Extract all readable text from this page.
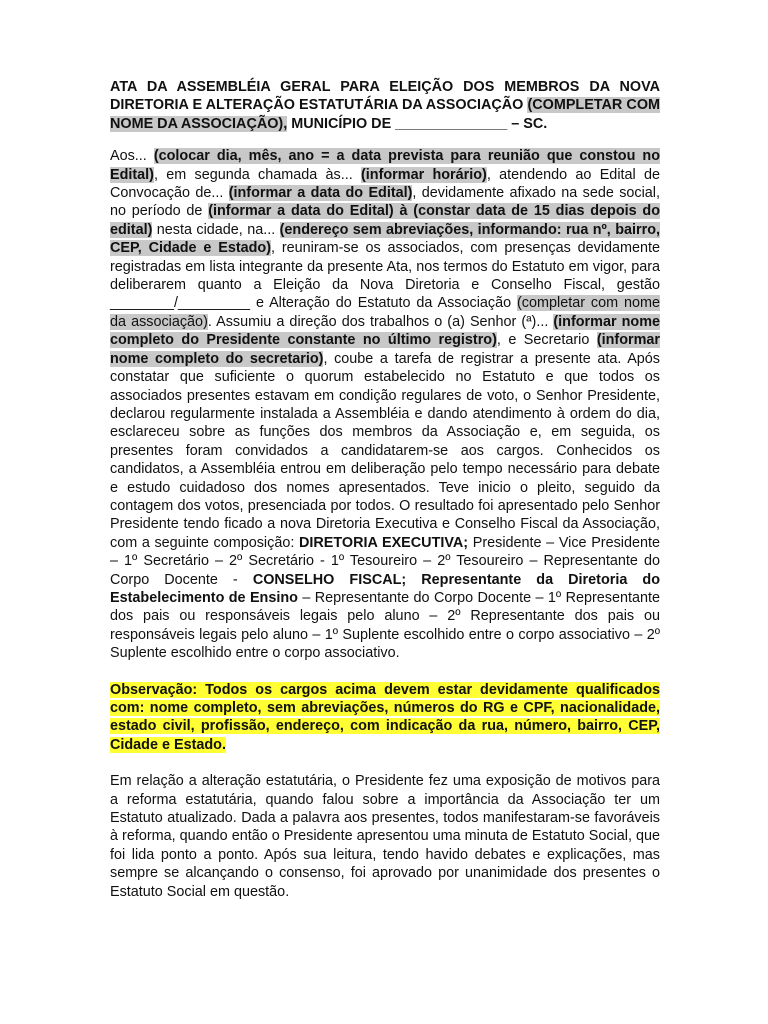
ATA DA ASSEMBLÉIA GERAL PARA ELEIÇÃO DOS MEMBROS DA NOVA DIRETORIA E ALTERAÇÃO ESTATUTÁRIA DA ASSOCIAÇÃO (COMPLETAR COM NOME DA ASSOCIAÇÃO), MUNICÍPIO DE ______________ – SC.

Aos... (colocar dia, mês, ano = a data prevista para reunião que constou no Edital), em segunda chamada às... (informar horário), atendendo ao Edital de Convocação de... (informar a data do Edital), devidamente afixado na sede social, no período de (informar a data do Edital) à (constar data de 15 dias depois do edital) nesta cidade, na... (endereço sem abreviações, informando: rua nº, bairro, CEP, Cidade e Estado), reuniram-se os associados, com presenças devidamente registradas em lista integrante da presente Ata, nos termos do Estatuto em vigor, para deliberarem quanto a Eleição da Nova Diretoria e Conselho Fiscal, gestão ________/_________ e Alteração do Estatuto da Associação (completar com nome da associação). Assumiu a direção dos trabalhos o (a) Senhor (ª)... (informar nome completo do Presidente constante no último registro), e Secretario (informar nome completo do secretario), coube a tarefa de registrar a presente ata. Após constatar que suficiente o quorum estabelecido no Estatuto e que todos os associados presentes estavam em condição regulares de voto, o Senhor Presidente, declarou regularmente instalada a Assembléia e dando atendimento à ordem do dia, esclareceu sobre as funções dos membros da Associação e, em seguida, os presentes foram convidados a candidatarem-se aos cargos. Conhecidos os candidatos, a Assembléia entrou em deliberação pelo tempo necessário para debate e estudo cuidadoso dos nomes apresentados. Teve inicio o pleito, seguido da contagem dos votos, presenciada por todos. O resultado foi apresentado pelo Senhor Presidente tendo ficado a nova Diretoria Executiva e Conselho Fiscal da Associação, com a seguinte composição: DIRETORIA EXECUTIVA; Presidente – Vice Presidente – 1º Secretário – 2º Secretário - 1º Tesoureiro – 2º Tesoureiro – Representante do Corpo Docente - CONSELHO FISCAL; Representante da Diretoria do Estabelecimento de Ensino – Representante do Corpo Docente – 1º Representante dos pais ou responsáveis legais pelo aluno – 2º Representante dos pais ou responsáveis legais pelo aluno – 1º Suplente escolhido entre o corpo associativo – 2º Suplente escolhido entre o corpo associativo.

Observação: Todos os cargos acima devem estar devidamente qualificados com: nome completo, sem abreviações, números do RG e CPF, nacionalidade, estado civil, profissão, endereço, com indicação da rua, número, bairro, CEP, Cidade e Estado.

Em relação a alteração estatutária, o Presidente fez uma exposição de motivos para a reforma estatutária, quando falou sobre a importância da Associação ter um Estatuto atualizado. Dada a palavra aos presentes, todos manifestaram-se favoráveis à reforma, quando então o Presidente apresentou uma minuta de Estatuto Social, que foi lida ponto a ponto. Após sua leitura, tendo havido debates e explicações, mas sempre se alcançando o consenso, foi aprovado por unanimidade dos presentes o Estatuto Social em questão.
